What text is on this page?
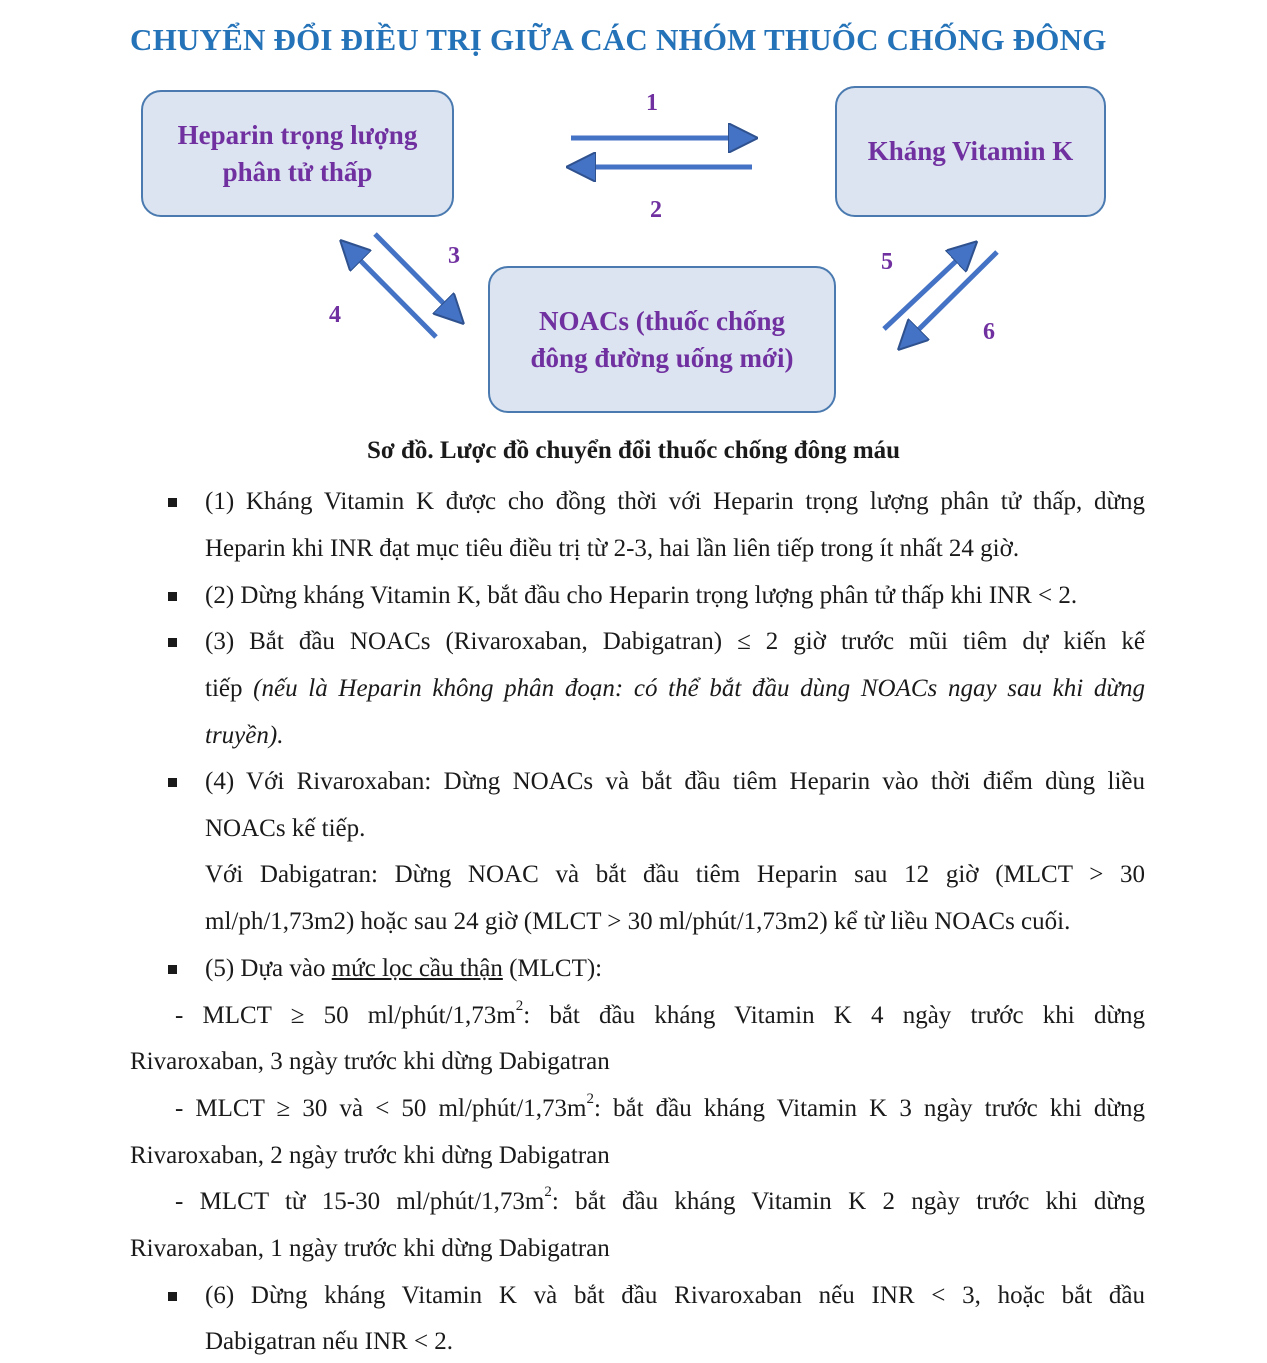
CHUYỂN ĐỔI ĐIỀU TRỊ GIỮA CÁC NHÓM THUỐC CHỐNG ĐÔNG
Heparin trọng lượng
phân tử thấp
Kháng Vitamin K
NOACs (thuốc chống
đông đường uống mới)
1
2
3
4
5
6
Sơ đồ. Lược đồ chuyển đổi thuốc chống đông máu
(1) Kháng Vitamin K được cho đồng thời với Heparin trọng lượng phân tử thấp, dừng
Heparin khi INR đạt mục tiêu điều trị từ 2-3, hai lần liên tiếp trong ít nhất 24 giờ.
(2) Dừng kháng Vitamin K, bắt đầu cho Heparin trọng lượng phân tử thấp khi INR < 2.
(3) Bắt đầu NOACs (Rivaroxaban, Dabigatran) ≤ 2 giờ trước mũi tiêm dự kiến kế
tiếp (nếu là Heparin không phân đoạn: có thể bắt đầu dùng NOACs ngay sau khi dừng
truyền).
(4) Với Rivaroxaban: Dừng NOACs và bắt đầu tiêm Heparin vào thời điểm dùng liều
NOACs kế tiếp.
Với Dabigatran: Dừng NOAC và bắt đầu tiêm Heparin sau 12 giờ (MLCT > 30
ml/ph/1,73m2) hoặc sau 24 giờ (MLCT > 30 ml/phút/1,73m2) kể từ liều NOACs cuối.
(5) Dựa vào mức lọc cầu thận (MLCT):
- MLCT ≥ 50 $ml/phút/1,73m^2$: bắt đầu kháng Vitamin K 4 ngày trước khi dừng
Rivaroxaban, 3 ngày trước khi dừng Dabigatran
- MLCT ≥ 30 và < 50 $ml/phút/1,73m^2$: bắt đầu kháng Vitamin K 3 ngày trước khi dừng
Rivaroxaban, 2 ngày trước khi dừng Dabigatran
- MLCT từ 15-30 $ml/phút/1,73m^2$: bắt đầu kháng Vitamin K 2 ngày trước khi dừng
Rivaroxaban, 1 ngày trước khi dừng Dabigatran
(6) Dừng kháng Vitamin K và bắt đầu Rivaroxaban nếu INR < 3, hoặc bắt đầu
Dabigatran nếu INR < 2.
